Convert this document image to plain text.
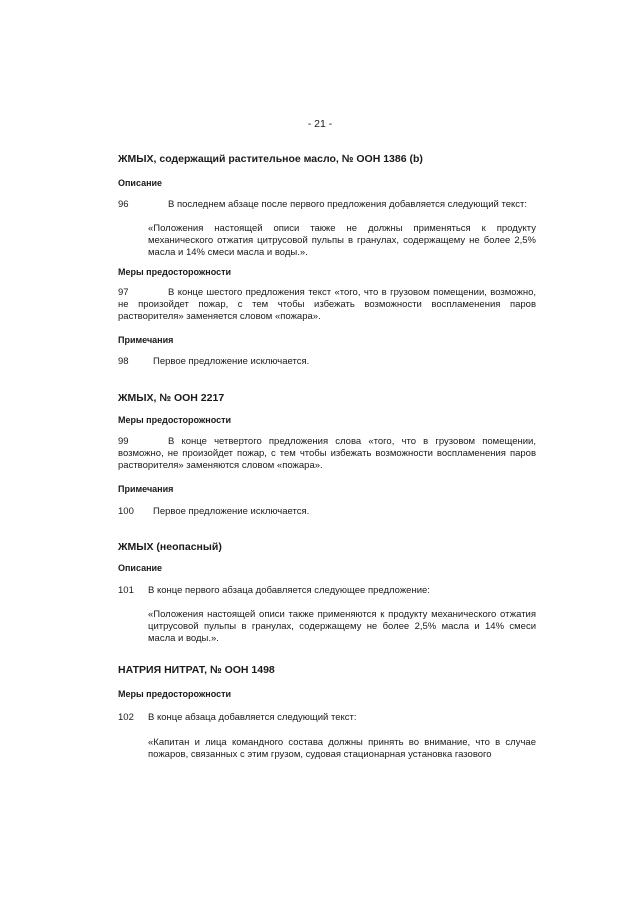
- 21 -
ЖМЫХ, содержащий растительное масло, № ООН 1386 (b)
Описание
96	В последнем абзаце после первого предложения добавляется следующий текст:
«Положения настоящей описи также не должны применяться к продукту механического отжатия цитрусовой пульпы в гранулах, содержащему не более 2,5% масла и 14% смеси масла и воды.».
Меры предосторожности
97	В конце шестого предложения текст «того, что в грузовом помещении, возможно, не произойдет пожар, с тем чтобы избежать возможности воспламенения паров растворителя» заменяется словом «пожара».
Примечания
98	Первое предложение исключается.
ЖМЫХ, № ООН 2217
Меры предосторожности
99	В конце четвертого предложения слова «того, что в грузовом помещении, возможно, не произойдет пожар, с тем чтобы избежать возможности воспламенения паров растворителя» заменяются словом «пожара».
Примечания
100 Первое предложение исключается.
ЖМЫХ (неопасный)
Описание
101 В конце первого абзаца добавляется следующее предложение:
«Положения настоящей описи также применяются к продукту механического отжатия цитрусовой пульпы в гранулах, содержащему не более 2,5% масла и 14% смеси масла и воды.».
НАТРИЯ НИТРАТ, № ООН 1498
Меры предосторожности
102 В конце абзаца добавляется следующий текст:
«Капитан и лица командного состава должны принять во внимание, что в случае пожаров, связанных с этим грузом, судовая стационарная установка газового
